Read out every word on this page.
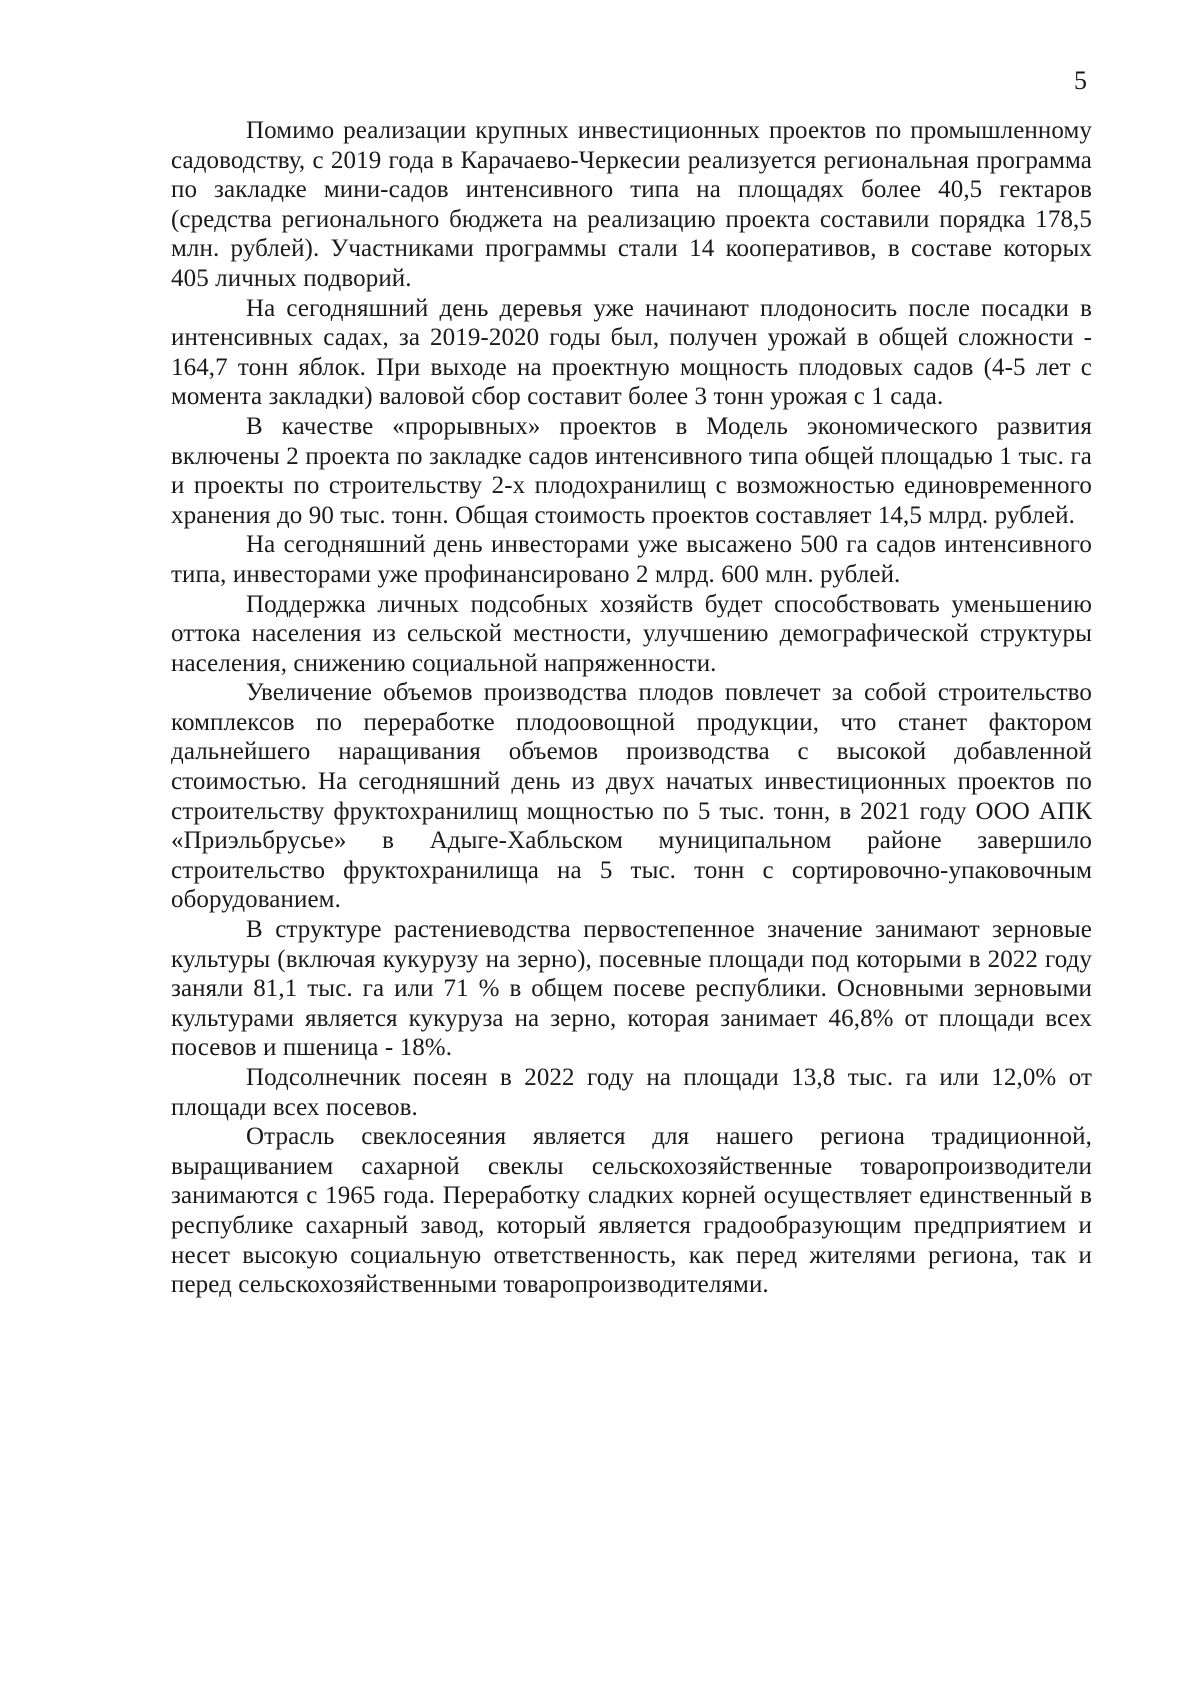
5

Помимо реализации крупных инвестиционных проектов по промышленному садоводству, с 2019 года в Карачаево-Черкесии реализуется региональная программа по закладке мини-садов интенсивного типа на площадях более 40,5 гектаров (средства регионального бюджета на реализацию проекта составили порядка 178,5 млн. рублей). Участниками программы стали 14 кооперативов, в составе которых 405 личных подворий.

На сегодняшний день деревья уже начинают плодоносить после посадки в интенсивных садах, за 2019-2020 годы был, получен урожай в общей сложности - 164,7 тонн яблок. При выходе на проектную мощность плодовых садов (4-5 лет с момента закладки) валовой сбор составит более 3 тонн урожая с 1 сада.

В качестве «прорывных» проектов в Модель экономического развития включены 2 проекта по закладке садов интенсивного типа общей площадью 1 тыс. га и проекты по строительству 2-х плодохранилищ с возможностью единовременного хранения до 90 тыс. тонн. Общая стоимость проектов составляет 14,5 млрд. рублей.

На сегодняшний день инвесторами уже высажено 500 га садов интенсивного типа, инвесторами уже профинансировано 2 млрд. 600 млн. рублей.

Поддержка личных подсобных хозяйств будет способствовать уменьшению оттока населения из сельской местности, улучшению демографической структуры населения, снижению социальной напряженности.

Увеличение объемов производства плодов повлечет за собой строительство комплексов по переработке плодоовощной продукции, что станет фактором дальнейшего наращивания объемов производства с высокой добавленной стоимостью. На сегодняшний день из двух начатых инвестиционных проектов по строительству фруктохранилищ мощностью по 5 тыс. тонн, в 2021 году ООО АПК «Приэльбрусье» в Адыге-Хабльском муниципальном районе завершило строительство фруктохранилища на 5 тыс. тонн с сортировочно-упаковочным оборудованием.

В структуре растениеводства первостепенное значение занимают зерновые культуры (включая кукурузу на зерно), посевные площади под которыми в 2022 году заняли 81,1 тыс. га или 71 % в общем посеве республики. Основными зерновыми культурами является кукуруза на зерно, которая занимает 46,8% от площади всех посевов и пшеница - 18%.

Подсолнечник посеян в 2022 году на площади 13,8 тыс. га или 12,0% от площади всех посевов.

Отрасль свеклосеяния является для нашего региона традиционной, выращиванием сахарной свеклы сельскохозяйственные товаропроизводители занимаются с 1965 года. Переработку сладких корней осуществляет единственный в республике сахарный завод, который является градообразующим предприятием и несет высокую социальную ответственность, как перед жителями региона, так и перед сельскохозяйственными товаропроизводителями.
